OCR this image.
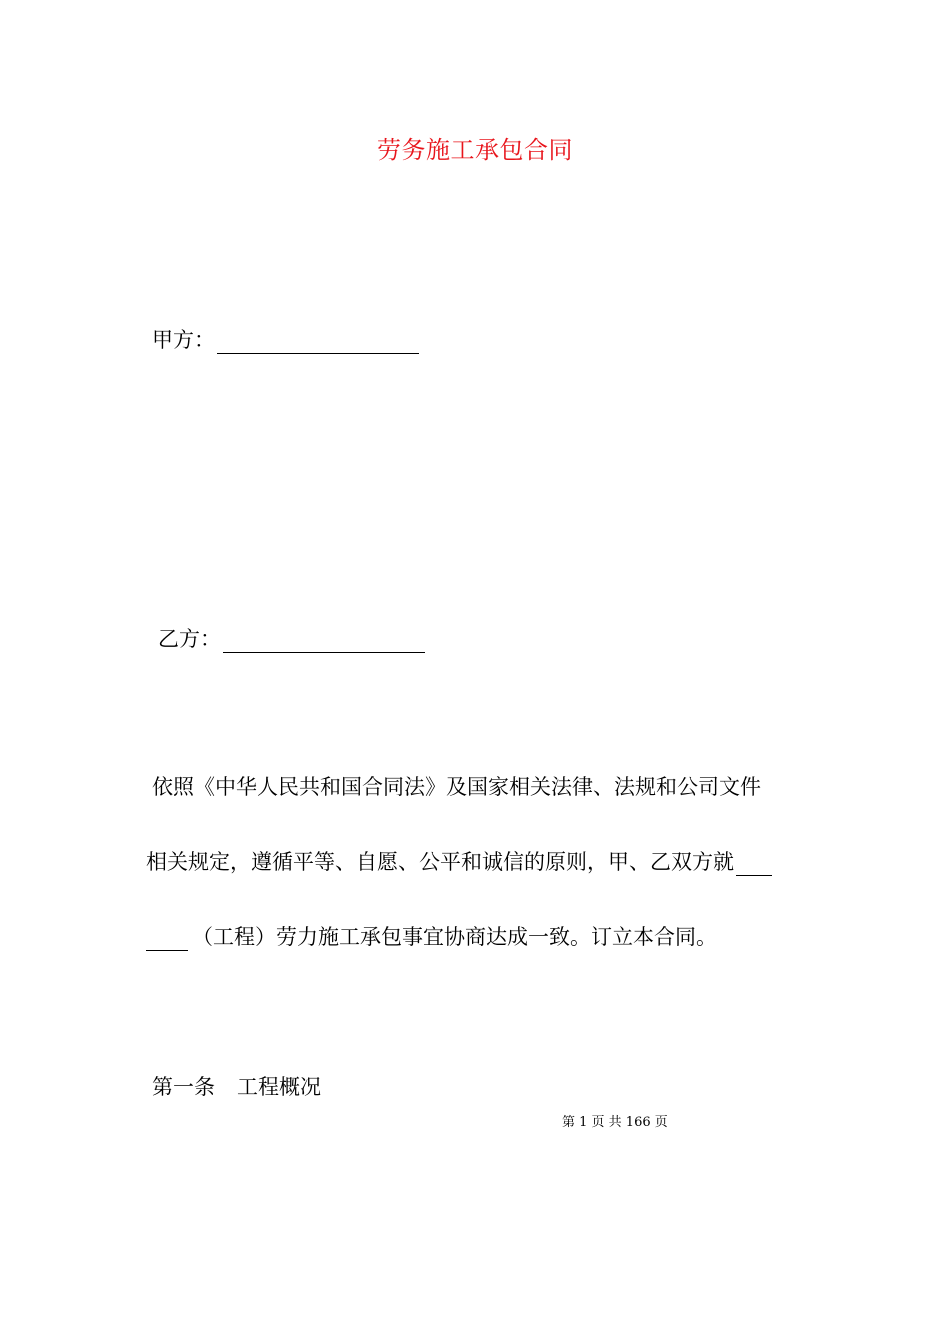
劳务施工承包合同
甲方：
乙方：
依照《中华人民共和国合同法》及国家相关法律、法规和公司文件
相关规定，遵循平等、自愿、公平和诚信的原则，甲、乙双方就
（工程）劳力施工承包事宜协商达成一致。订立本合同。
第一条 工程概况
第 1 页 共 166 页
